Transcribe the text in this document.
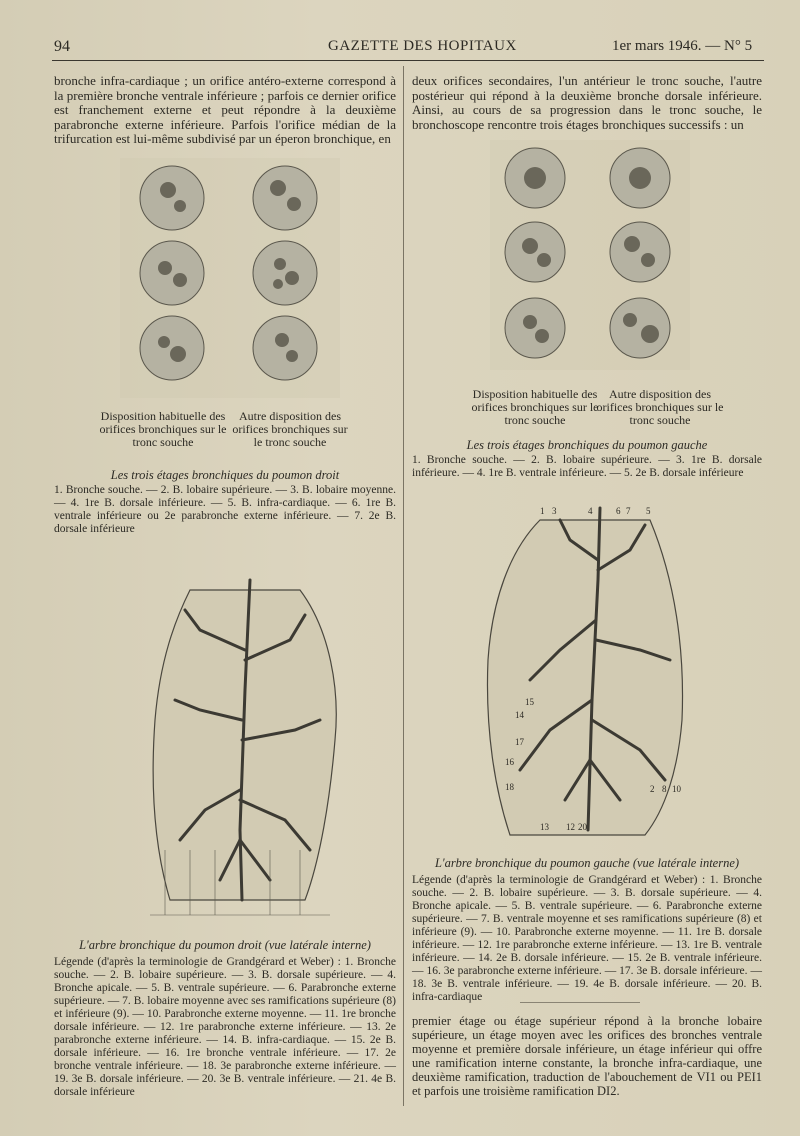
94	GAZETTE DES HOPITAUX	1er mars 1946. — N° 5

bronche infra-cardiaque ; un orifice antéro-externe correspond à la première bronche ventrale inférieure ; parfois ce dernier orifice est franchement externe et peut répondre à la deuxième parabronche externe inférieure. Parfois l'orifice médian de la trifurcation est lui-même subdivisé par un éperon bronchique, en

Disposition habituelle des orifices bronchiques sur le tronc souche

Autre disposition des orifices bronchiques sur le tronc souche

Les trois étages bronchiques du poumon droit

1. Bronche souche. — 2. B. lobaire supérieure. — 3. B. lobaire moyenne. — 4. 1re B. dorsale inférieure. — 5. B. infra-cardiaque. — 6. 1re B. ventrale inférieure ou 2e parabronche externe inférieure. — 7. 2e B. dorsale inférieure

L'arbre bronchique du poumon droit (vue latérale interne)

Légende (d'après la terminologie de Grandgérard et Weber) : 1. Bronche souche. — 2. B. lobaire supérieure. — 3. B. dorsale supérieure. — 4. Bronche apicale. — 5. B. ventrale supérieure. — 6. Parabronche externe supérieure. — 7. B. lobaire moyenne avec ses ramifications supérieure (8) et inférieure (9). — 10. Parabronche externe moyenne. — 11. 1re bronche dorsale inférieure. — 12. 1re parabronche externe inférieure. — 13. 2e parabronche externe inférieure. — 14. B. infra-cardiaque. — 15. 2e B. dorsale inférieure. — 16. 1re bronche ventrale inférieure. — 17. 2e bronche ventrale inférieure. — 18. 3e parabronche externe inférieure. — 19. 3e B. dorsale inférieure. — 20. 3e B. ventrale inférieure. — 21. 4e B. dorsale inférieure

deux orifices secondaires, l'un antérieur le tronc souche, l'autre postérieur qui répond à la deuxième bronche dorsale inférieure. Ainsi, au cours de sa progression dans le tronc souche, le bronchoscope rencontre trois étages bronchiques successifs : un

Disposition habituelle des orifices bronchiques sur le tronc souche

Autre disposition des orifices bronchiques sur le tronc souche

Les trois étages bronchiques du poumon gauche

1. Bronche souche. — 2. B. lobaire supérieure. — 3. 1re B. dorsale inférieure. — 4. 1re B. ventrale inférieure. — 5. 2e B. dorsale inférieure

1 3	4	6 7 5
15
14
17
16
18	2 8 10
13 12 20

L'arbre bronchique du poumon gauche (vue latérale interne)

Légende (d'après la terminologie de Grandgérard et Weber) : 1. Bronche souche. — 2. B. lobaire supérieure. — 3. B. dorsale supérieure. — 4. Bronche apicale. — 5. B. ventrale supérieure. — 6. Parabronche externe supérieure. — 7. B. ventrale moyenne et ses ramifications supérieure (8) et inférieure (9). — 10. Parabronche externe moyenne. — 11. 1re B. dorsale inférieure. — 12. 1re parabronche externe inférieure. — 13. 1re B. ventrale inférieure. — 14. 2e B. dorsale inférieure. — 15. 2e B. ventrale inférieure. — 16. 3e parabronche externe inférieure. — 17. 3e B. dorsale inférieure. — 18. 3e B. ventrale inférieure. — 19. 4e B. dorsale inférieure. — 20. B. infra-cardiaque

premier étage ou étage supérieur répond à la bronche lobaire supérieure, un étage moyen avec les orifices des bronches ventrale moyenne et première dorsale inférieure, un étage inférieur qui offre une ramification interne constante, la bronche infra-cardiaque, une deuxième ramification, traduction de l'abouchement de VI1 ou PEI1 et parfois une troisième ramification DI2.
